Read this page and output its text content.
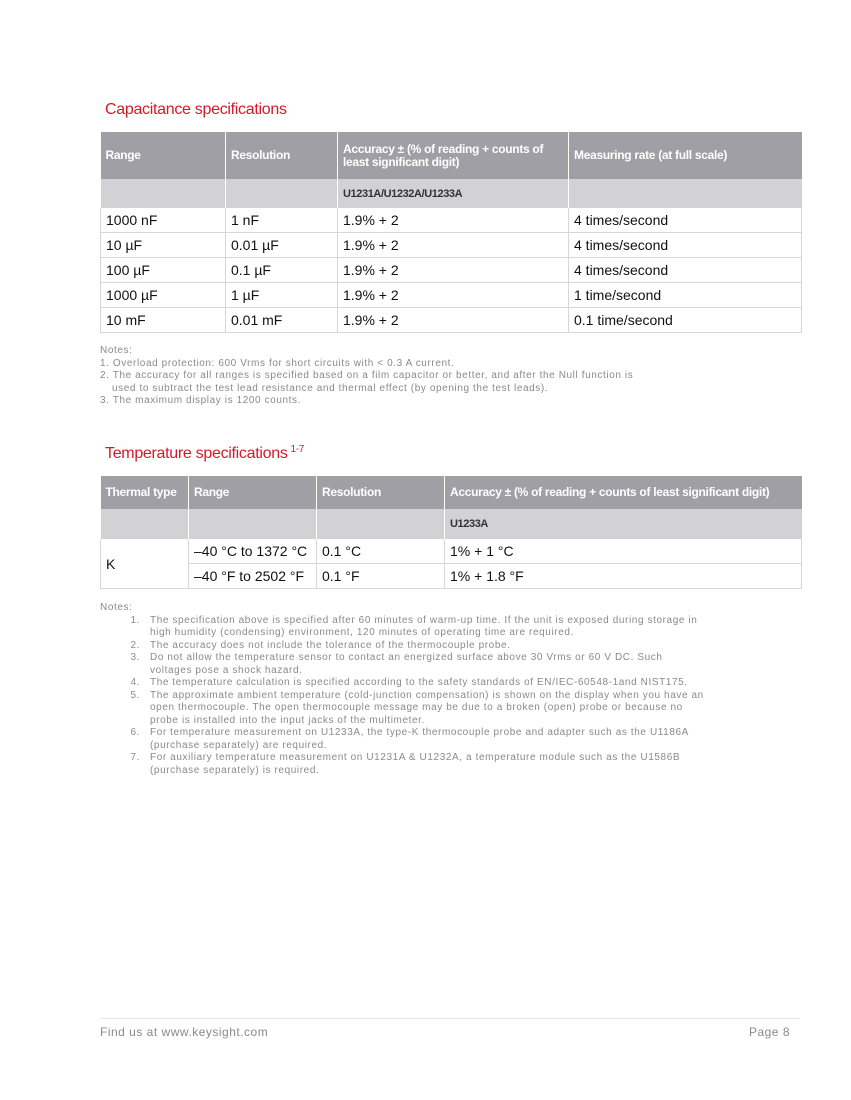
Capacitance specifications
Range	Resolution	Accuracy ± (% of reading + counts of least significant digit)	Measuring rate (at full scale)
		U1231A/U1232A/U1233A	
1000 nF	1 nF	1.9% + 2	4 times/second
10 µF	0.01 µF	1.9% + 2	4 times/second
100 µF	0.1 µF	1.9% + 2	4 times/second
1000 µF	1 µF	1.9% + 2	1 time/second
10 mF	0.01 mF	1.9% + 2	0.1 time/second
Notes:
1. Overload protection: 600 Vrms for short circuits with < 0.3 A current.
2. The accuracy for all ranges is specified based on a film capacitor or better, and after the Null function is
used to subtract the test lead resistance and thermal effect (by opening the test leads).
3. The maximum display is 1200 counts.
Temperature specifications $^{1-7}$
Thermal type	Range	Resolution	Accuracy ± (% of reading + counts of least significant digit)
			U1233A
K	–40 °C to 1372 °C	0.1 °C	1% + 1 °C
	–40 °F to 2502 °F	0.1 °F	1% + 1.8 °F
Notes:
1.	The specification above is specified after 60 minutes of warm-up time. If the unit is exposed during storage in high humidity (condensing) environment, 120 minutes of operating time are required.
2.	The accuracy does not include the tolerance of the thermocouple probe.
3.	Do not allow the temperature sensor to contact an energized surface above 30 Vrms or 60 V DC. Such voltages pose a shock hazard.
4.	The temperature calculation is specified according to the safety standards of EN/IEC-60548-1and NIST175.
5.	The approximate ambient temperature (cold-junction compensation) is shown on the display when you have an open thermocouple. The open thermocouple message may be due to a broken (open) probe or because no probe is installed into the input jacks of the multimeter.
6.	For temperature measurement on U1233A, the type-K thermocouple probe and adapter such as the U1186A (purchase separately) are required.
7.	For auxiliary temperature measurement on U1231A & U1232A, a temperature module such as the U1586B (purchase separately) is required.
Find us at www.keysight.com	Page 8
